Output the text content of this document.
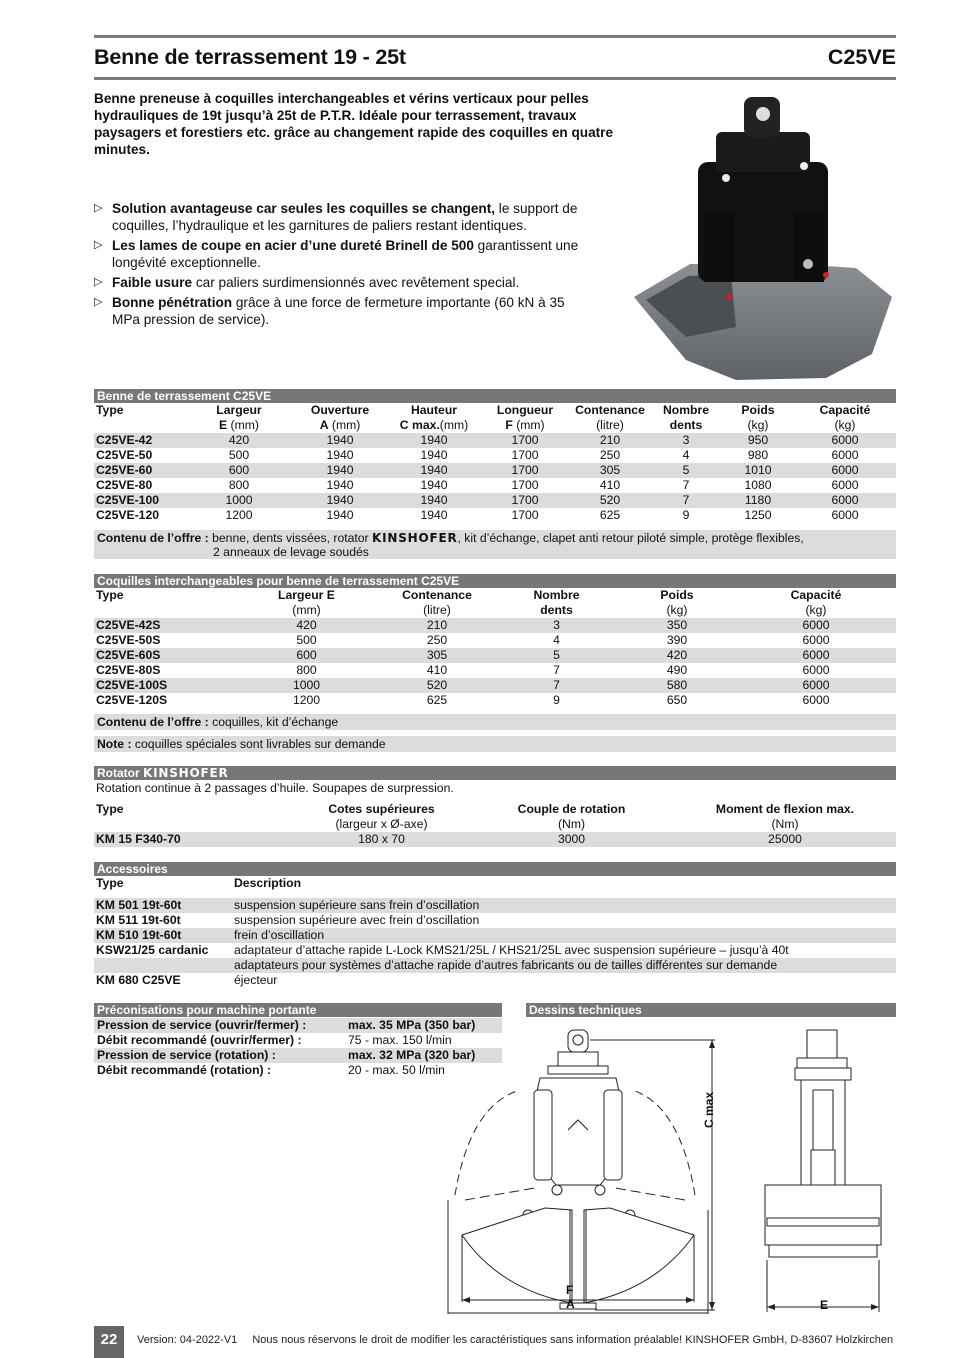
Benne de terrassement 19 - 25t	C25VE
Benne preneuse à coquilles interchangeables et vérins verticaux pour pelles hydrauliques de 19t jusqu’à 25t de P.T.R. Idéale pour terrassement, travaux paysagers et forestiers etc. grâce au changement rapide des coquilles en quatre minutes.
▷ Solution avantageuse car seules les coquilles se changent, le support de coquilles, l’hydraulique et les garnitures de paliers restant identiques.
▷ Les lames de coupe en acier d’une dureté Brinell de 500 garantissent une longévité exceptionnelle.
▷ Faible usure car paliers surdimensionnés avec revêtement special.
▷ Bonne pénétration grâce à une force de fermeture importante (60 kN à 35 MPa pression de service).
Benne de terrassement C25VE
Type	Largeur	Ouverture	Hauteur	Longueur	Contenance	Nombre	Poids	Capacité
	E (mm)	A (mm)	C max.(mm)	F (mm)	(litre)	dents	(kg)	(kg)
C25VE-42	420	1940	1940	1700	210	3	950	6000
C25VE-50	500	1940	1940	1700	250	4	980	6000
C25VE-60	600	1940	1940	1700	305	5	1010	6000
C25VE-80	800	1940	1940	1700	410	7	1080	6000
C25VE-100	1000	1940	1940	1700	520	7	1180	6000
C25VE-120	1200	1940	1940	1700	625	9	1250	6000
Contenu de l’offre : benne, dents vissées, rotator KINSHOFER, kit d’échange, clapet anti retour piloté simple, protège flexibles,
2 anneaux de levage soudés
Coquilles interchangeables pour benne de terrassement C25VE
Type	Largeur E	Contenance	Nombre	Poids	Capacité
	(mm)	(litre)	dents	(kg)	(kg)
C25VE-42S	420	210	3	350	6000
C25VE-50S	500	250	4	390	6000
C25VE-60S	600	305	5	420	6000
C25VE-80S	800	410	7	490	6000
C25VE-100S	1000	520	7	580	6000
C25VE-120S	1200	625	9	650	6000
Contenu de l’offre : coquilles, kit d’échange
Note : coquilles spéciales sont livrables sur demande
Rotator KINSHOFER
Rotation continue à 2 passages d’huile. Soupapes de surpression.
Type	Cotes supérieures	Couple de rotation	Moment de flexion max.
	(largeur x Ø-axe)	(Nm)	(Nm)
KM 15 F340-70	180 x 70	3000	25000
Accessoires
Type	Description
KM 501 19t-60t	suspension supérieure sans frein d’oscillation
KM 511 19t-60t	suspension supérieure avec frein d’oscillation
KM 510 19t-60t	frein d’oscillation
KSW21/25 cardanic	adaptateur d’attache rapide L-Lock KMS21/25L / KHS21/25L avec suspension supérieure – jusqu’à 40t
	adaptateurs pour systèmes d’attache rapide d’autres fabricants ou de tailles différentes sur demande
KM 680 C25VE	éjecteur
Préconisations pour machine portante
Pression de service (ouvrir/fermer) :	max. 35 MPa (350 bar)
Débit recommandé (ouvrir/fermer) :	75 - max. 150 l/min
Pression de service (rotation) :	max. 32 MPa (320 bar)
Débit recommandé (rotation) :	20 - max. 50 l/min
Dessins techniques
C max
F
A	E
22	Version: 04-2022-V1 Nous nous réservons le droit de modifier les caractéristiques sans information préalable! KINSHOFER GmbH, D-83607 Holzkirchen
